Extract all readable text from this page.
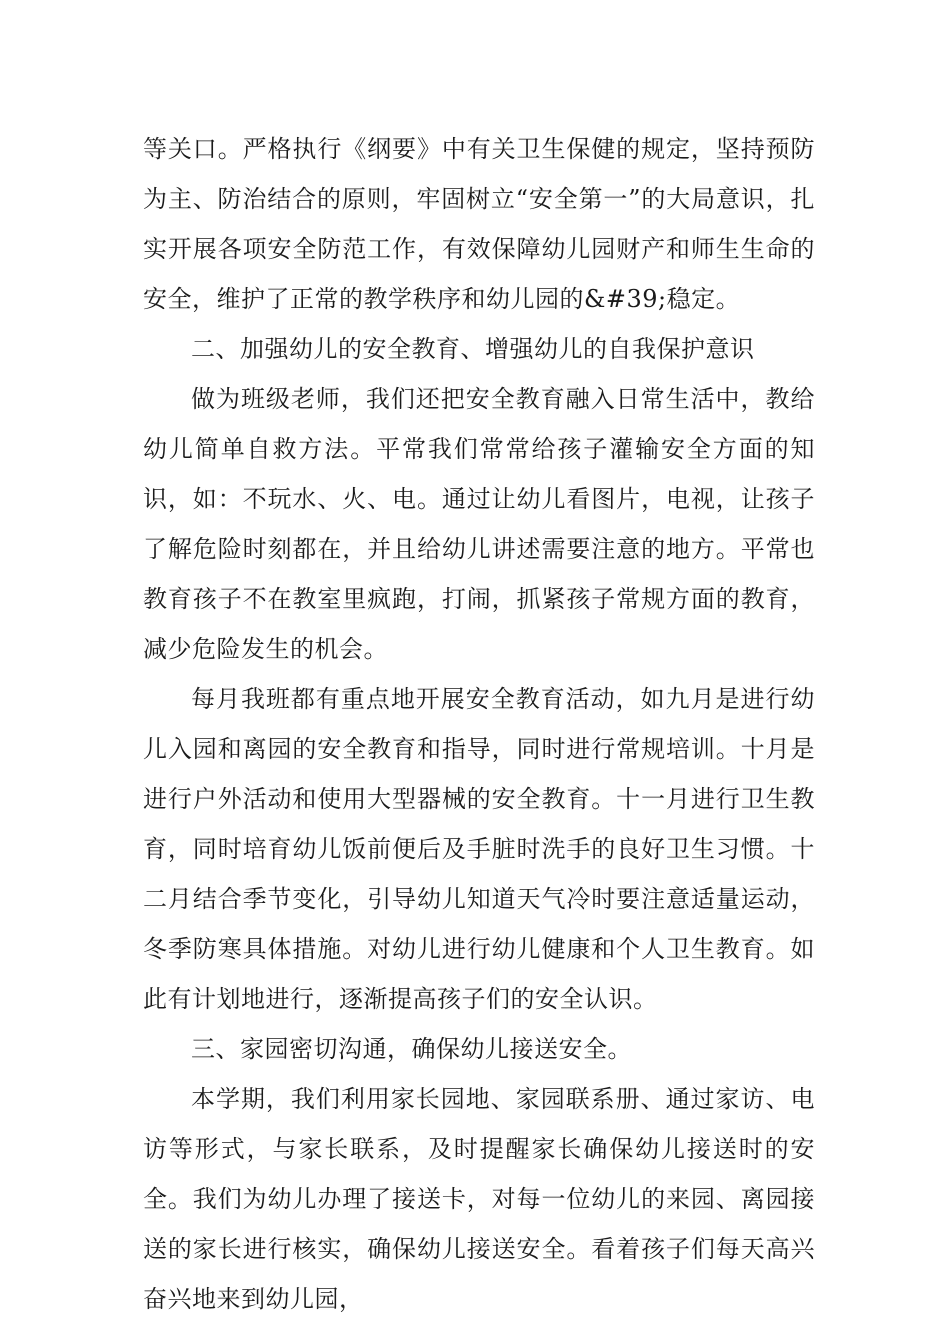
等关口。严格执行《纲要》中有关卫生保健的规定，坚持预防为主、防治结合的原则，牢固树立“安全第一”的大局意识，扎实开展各项安全防范工作，有效保障幼儿园财产和师生生命的安全，维护了正常的教学秩序和幼儿园的&#39;稳定。

二、加强幼儿的安全教育、增强幼儿的自我保护意识

做为班级老师，我们还把安全教育融入日常生活中，教给幼儿简单自救方法。平常我们常常给孩子灌输安全方面的知识，如：不玩水、火、电。通过让幼儿看图片，电视，让孩子了解危险时刻都在，并且给幼儿讲述需要注意的地方。平常也教育孩子不在教室里疯跑，打闹，抓紧孩子常规方面的教育，减少危险发生的机会。

每月我班都有重点地开展安全教育活动，如九月是进行幼儿入园和离园的安全教育和指导，同时进行常规培训。十月是进行户外活动和使用大型器械的安全教育。十一月进行卫生教育，同时培育幼儿饭前便后及手脏时洗手的良好卫生习惯。十二月结合季节变化，引导幼儿知道天气冷时要注意适量运动，冬季防寒具体措施。对幼儿进行幼儿健康和个人卫生教育。如此有计划地进行，逐渐提高孩子们的安全认识。

三、家园密切沟通，确保幼儿接送安全。

本学期，我们利用家长园地、家园联系册、通过家访、电访等形式，与家长联系，及时提醒家长确保幼儿接送时的安全。我们为幼儿办理了接送卡，对每一位幼儿的来园、离园接送的家长进行核实，确保幼儿接送安全。看着孩子们每天高兴奋兴地来到幼儿园，
